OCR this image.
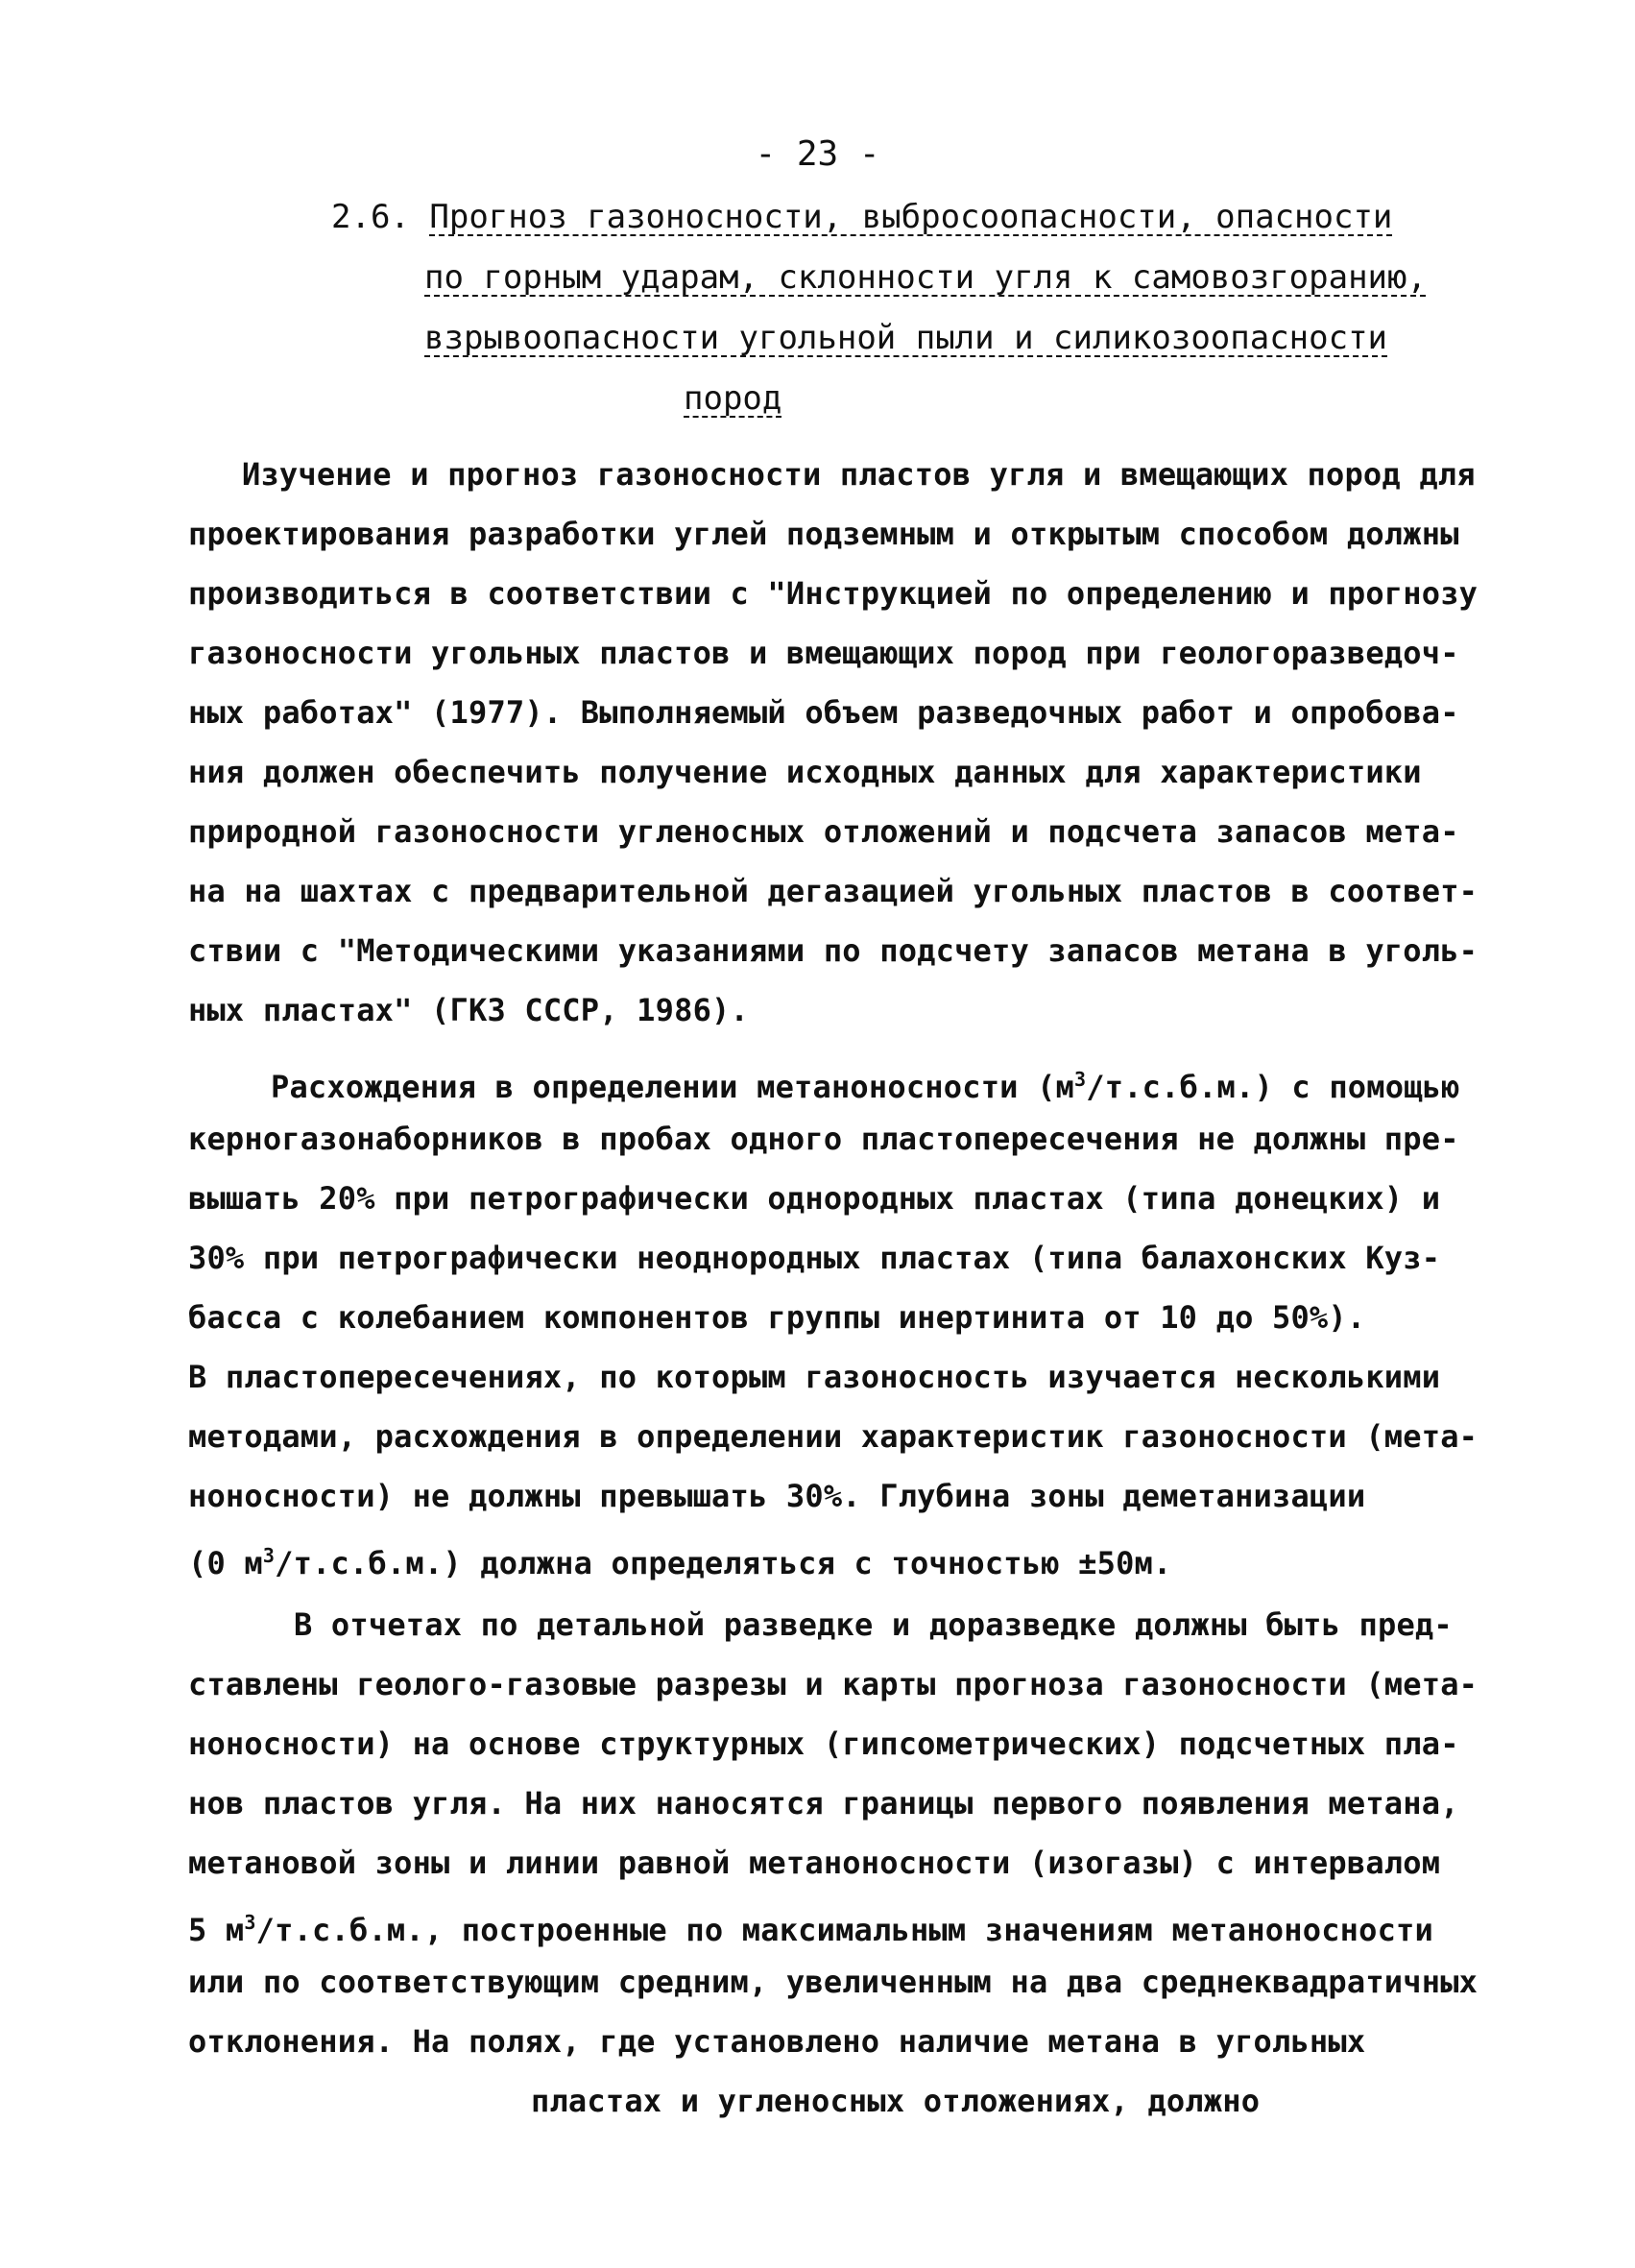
- 23 -
2.6. Прогноз газоносности, выбросоопасности, опасности
по горным ударам, склонности угля к самовозгоранию,
взрывоопасности угольной пыли и силикозоопасности
пород
Изучение и прогноз газоносности пластов угля и вмещающих пород для
проектирования разработки углей подземным и открытым способом должны
производиться в соответствии с "Инструкцией по определению и прогнозу
газоносности угольных пластов и вмещающих пород при геологоразведоч-
ных работах" (1977). Выполняемый объем разведочных работ и опробова-
ния должен обеспечить получение исходных данных для характеристики
природной газоносности угленосных отложений и подсчета запасов мета-
на на шахтах с предварительной дегазацией угольных пластов в соответ-
ствии с "Методическими указаниями по подсчету запасов метана в уголь-
ных пластах" (ГКЗ СССР, 1986).
Расхождения в определении метаноносности $(м^3/т.с.б.м.)$ с помощью
керногазонаборников в пробах одного пластопересечения не должны пре-
вышать 20% при петрографически однородных пластах (типа донецких) и
30% при петрографически неоднородных пластах (типа балахонских Куз-
басса с колебанием компонентов группы инертинита от 10 до 50%).
В пластопересечениях, по которым газоносность изучается несколькими
методами, расхождения в определении характеристик газоносности (мета-
ноносности) не должны превышать 30%. Глубина зоны деметанизации
(0 $м^3/т.с.б.м$.) должна определяться с точностью ±50м.
В отчетах по детальной разведке и доразведке должны быть пред-
ставлены геолого-газовые разрезы и карты прогноза газоносности (мета-
ноносности) на основе структурных (гипсометрических) подсчетных пла-
нов пластов угля. На них наносятся границы первого появления метана,
метановой зоны и линии равной метаноносности (изогазы) с интервалом
5 $м^3/т.с.б.м$., построенные по максимальным значениям метаноносности
или по соответствующим средним, увеличенным на два среднеквадратичных
отклонения. На полях, где установлено наличие метана в угольных
пластах и угленосных отложениях, должно
